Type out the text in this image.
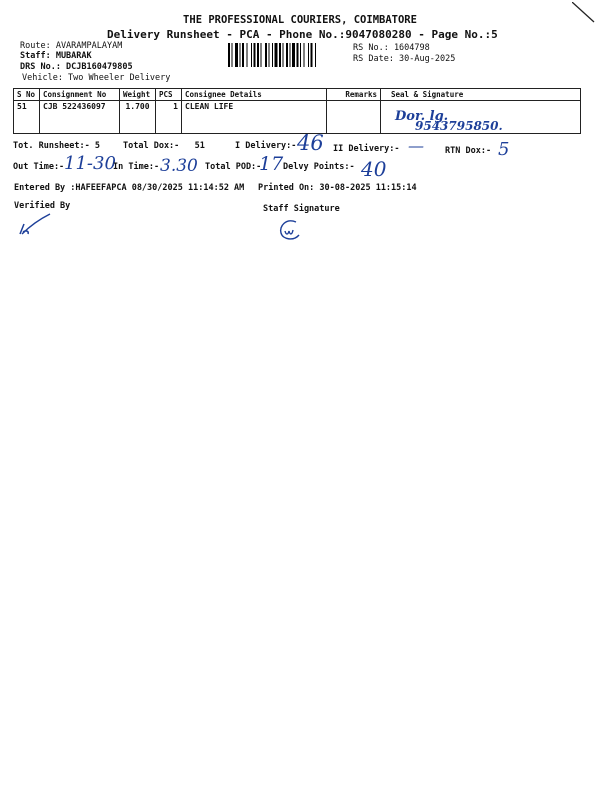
THE PROFESSIONAL COURIERS, COIMBATORE
Delivery Runsheet - PCA - Phone No.:9047080280 - Page No.:5
Route: AVARAMPALAYAM
Staff: MUBARAK
DRS No.: DCJB160479805
Vehicle: Two Wheeler Delivery
RS No.: 1604798
RS Date: 30-Aug-2025
S No	Consignment No	Weight	PCS	Consignee Details	Remarks	Seal & Signature
51	CJB 522436097	1.700	1	CLEAN LIFE		Dor. lg.
9543795850.
Tot. Runsheet:- 5	Total Dox:-   51	I Delivery:- 46 II Delivery:- — RTN Dox:- 5
Out Time:- 11-30
In Time:- 3.30 Total POD:-
17 Delvy Points:- 40
Entered By :HAFEEFAPCA 08/30/2025 11:14:52 AM Printed On: 30-08-2025 11:15:14
Verified By	Staff Signature
